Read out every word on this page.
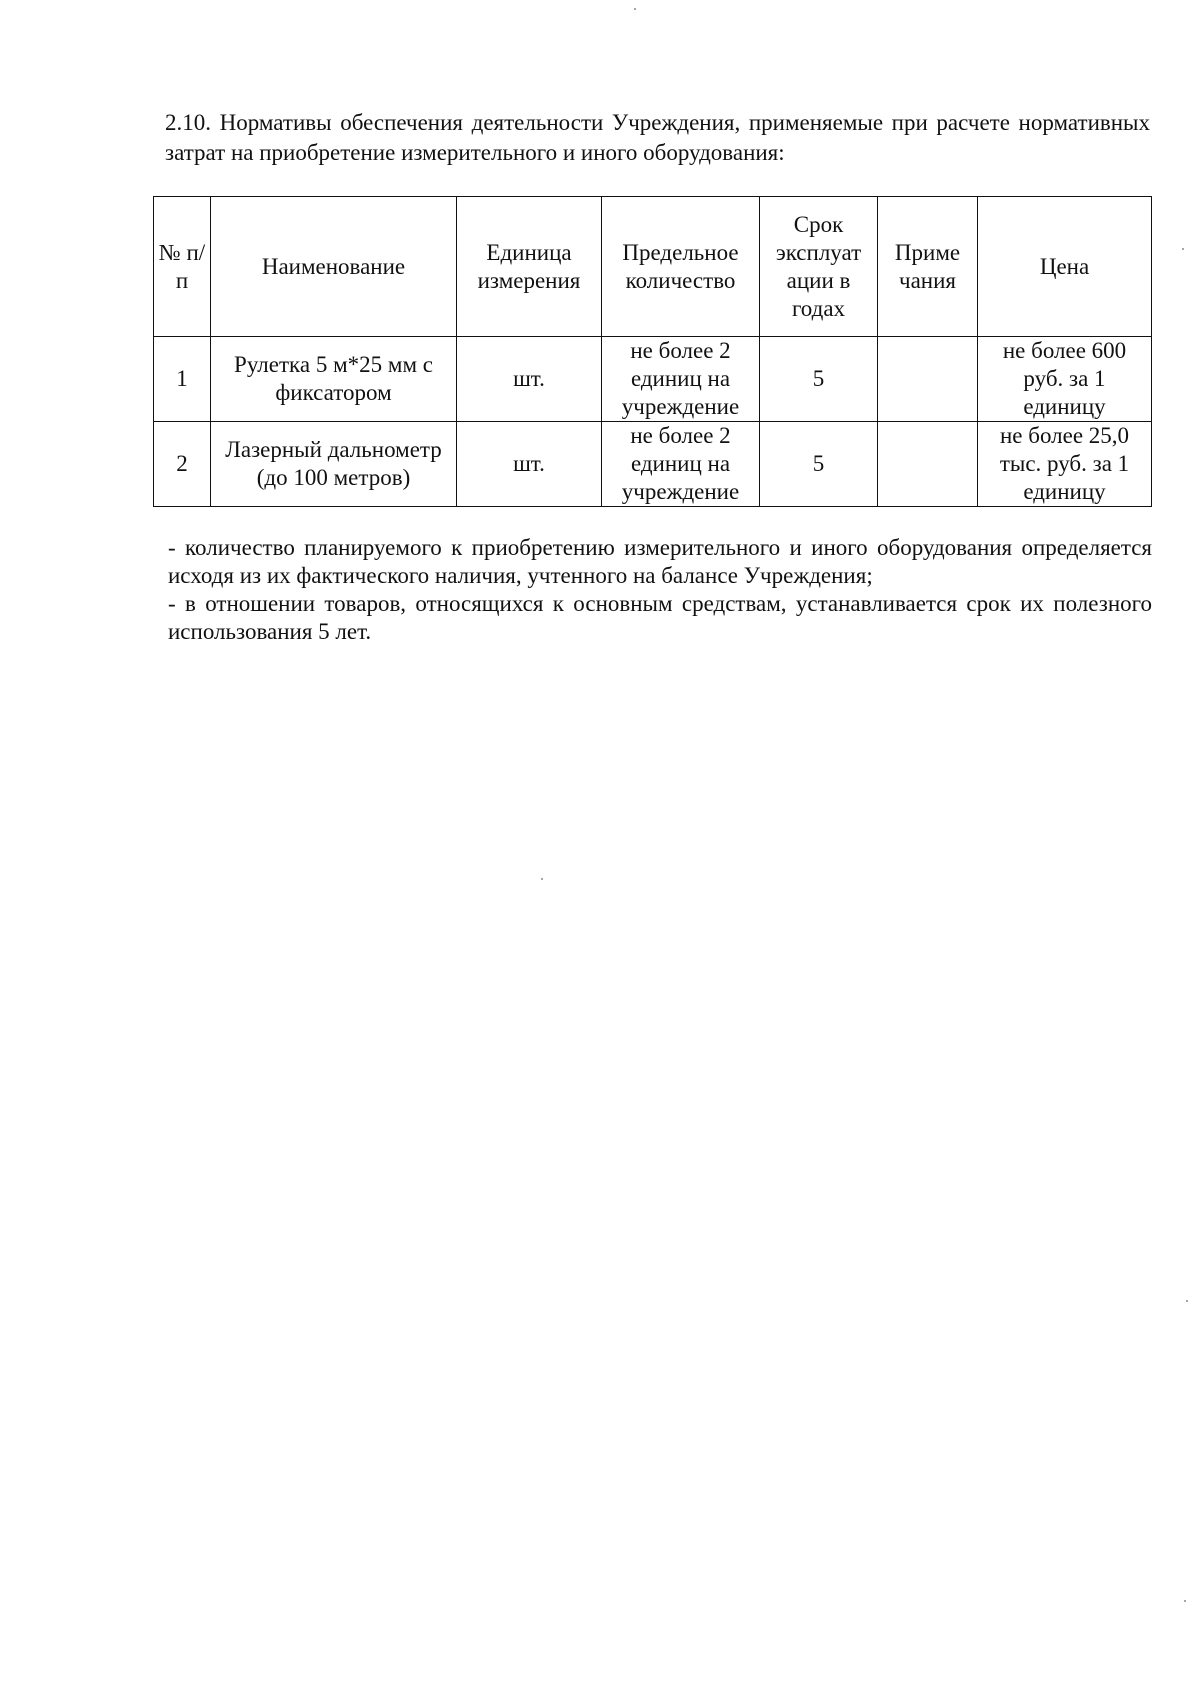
2.10. Нормативы обеспечения деятельности Учреждения, применяемые при расчете нормативных затрат на приобретение измерительного и иного оборудования:

№ п/п	Наименование	Единица измерения	Предельное количество	Срок эксплуат ации в годах	Приме чания	Цена
1	Рулетка 5 м*25 мм с фиксатором	шт.	не более 2 единиц на учреждение	5		не более 600 руб. за 1 единицу
2	Лазерный дальнометр (до 100 метров)	шт.	не более 2 единиц на учреждение	5		не более 25,0 тыс. руб. за 1 единицу

- количество планируемого к приобретению измерительного и иного оборудования определяется исходя из их фактического наличия, учтенного на балансе Учреждения;

- в отношении товаров, относящихся к основным средствам, устанавливается срок их полезного использования 5 лет.
